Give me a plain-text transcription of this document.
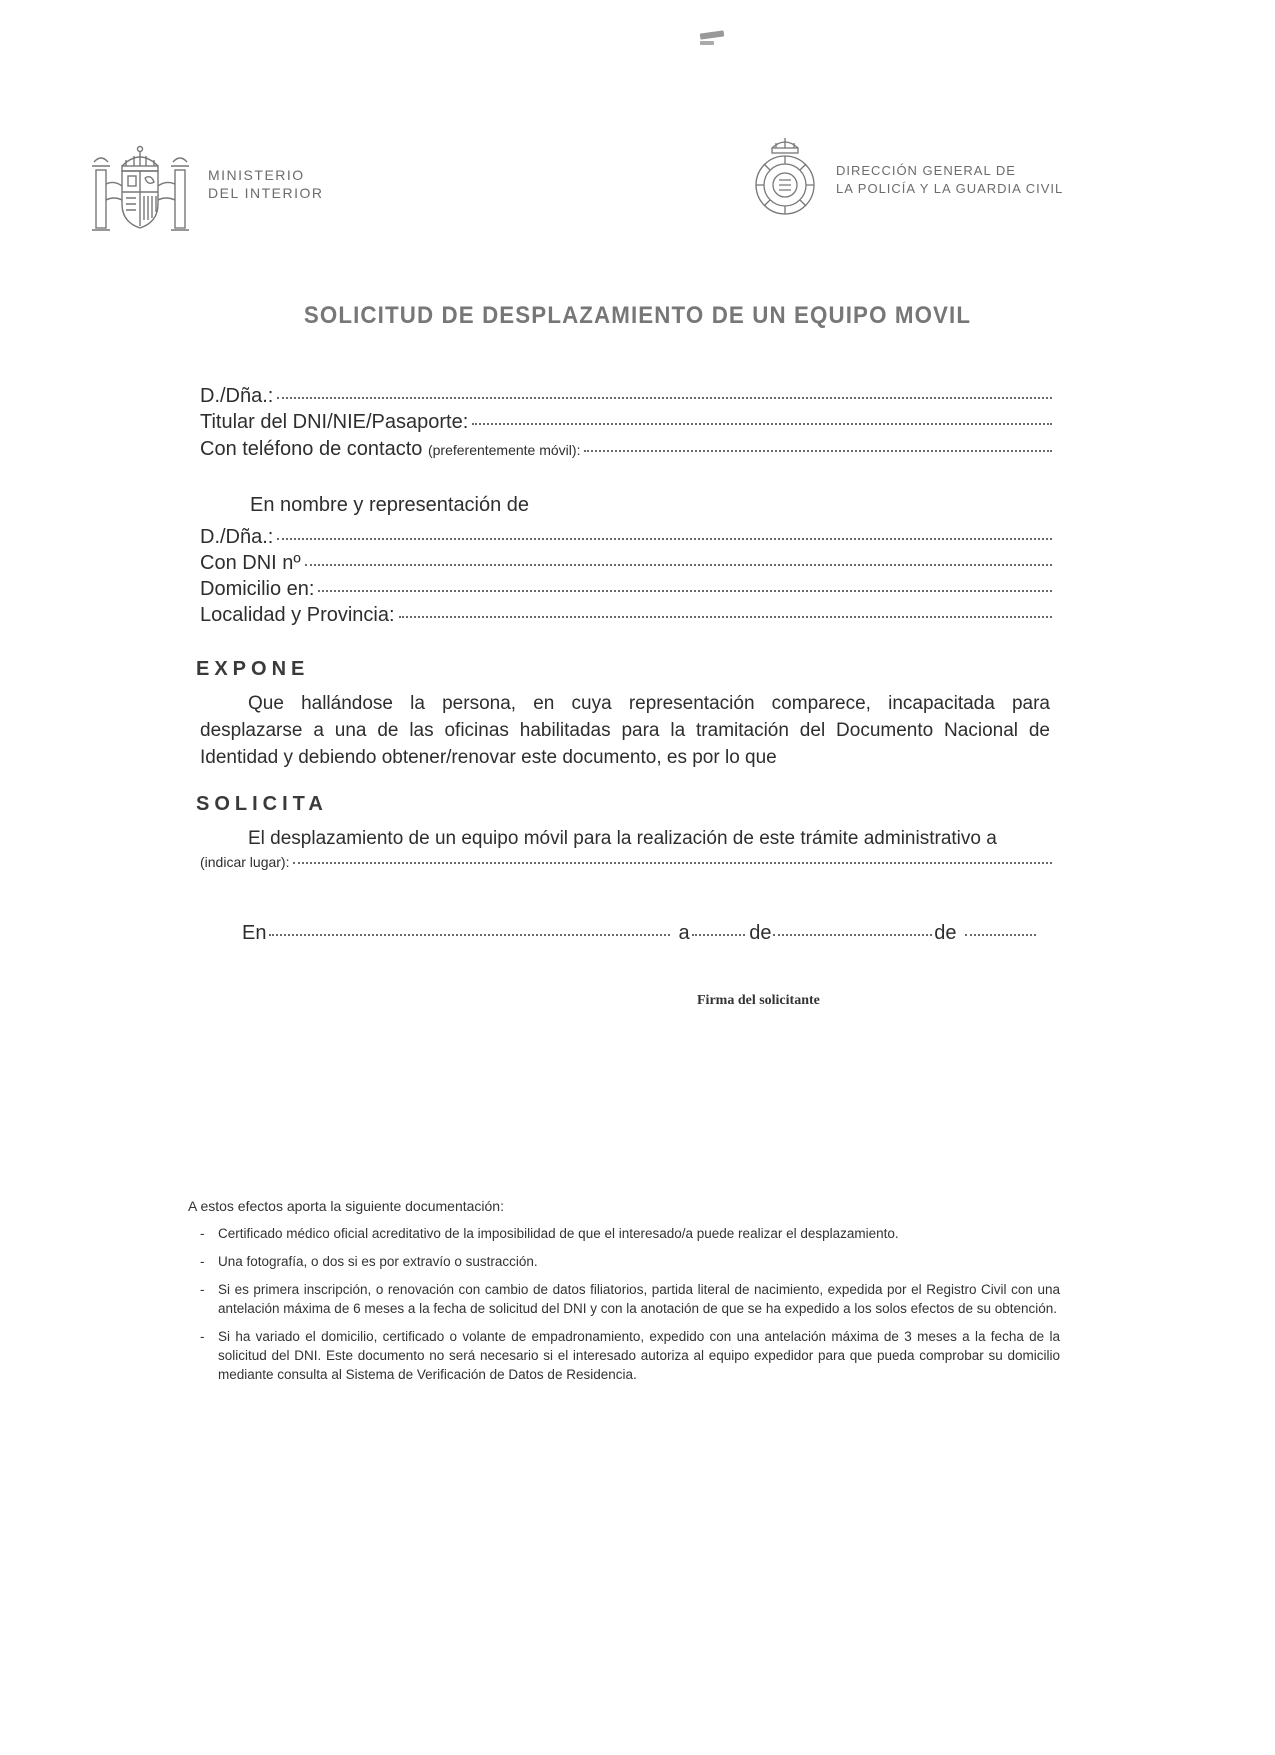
MINISTERIO
DEL INTERIOR
DIRECCIÓN GENERAL DE
LA POLICÍA Y LA GUARDIA CIVIL
SOLICITUD DE DESPLAZAMIENTO DE UN EQUIPO MOVIL
D./Dña.:
Titular del DNI/NIE/Pasaporte:
Con teléfono de contacto (preferentemente móvil):
En nombre y representación de
D./Dña.:
Con DNI nº
Domicilio en:
Localidad y Provincia:
EXPONE
Que hallándose la persona, en cuya representación comparece, incapacitada para desplazarse a una de las oficinas habilitadas para la tramitación del Documento Nacional de Identidad y debiendo obtener/renovar este documento, es por lo que
SOLICITA
El desplazamiento de un equipo móvil para la realización de este trámite administrativo a
(indicar lugar):
En	a	de	de
Firma del solicitante
A estos efectos aporta la siguiente documentación:
-	Certificado médico oficial acreditativo de la imposibilidad de que el interesado/a puede realizar el desplazamiento.
-	Una fotografía, o dos si es por extravío o sustracción.
-	Si es primera inscripción, o renovación con cambio de datos filiatorios, partida literal de nacimiento, expedida por el Registro Civil con una antelación máxima de 6 meses a la fecha de solicitud del DNI y con la anotación de que se ha expedido a los solos efectos de su obtención.
-	Si ha variado el domicilio, certificado o volante de empadronamiento, expedido con una antelación máxima de 3 meses a la fecha de la solicitud del DNI. Este documento no será necesario si el interesado autoriza al equipo expedidor para que pueda comprobar su domicilio mediante consulta al Sistema de Verificación de Datos de Residencia.
